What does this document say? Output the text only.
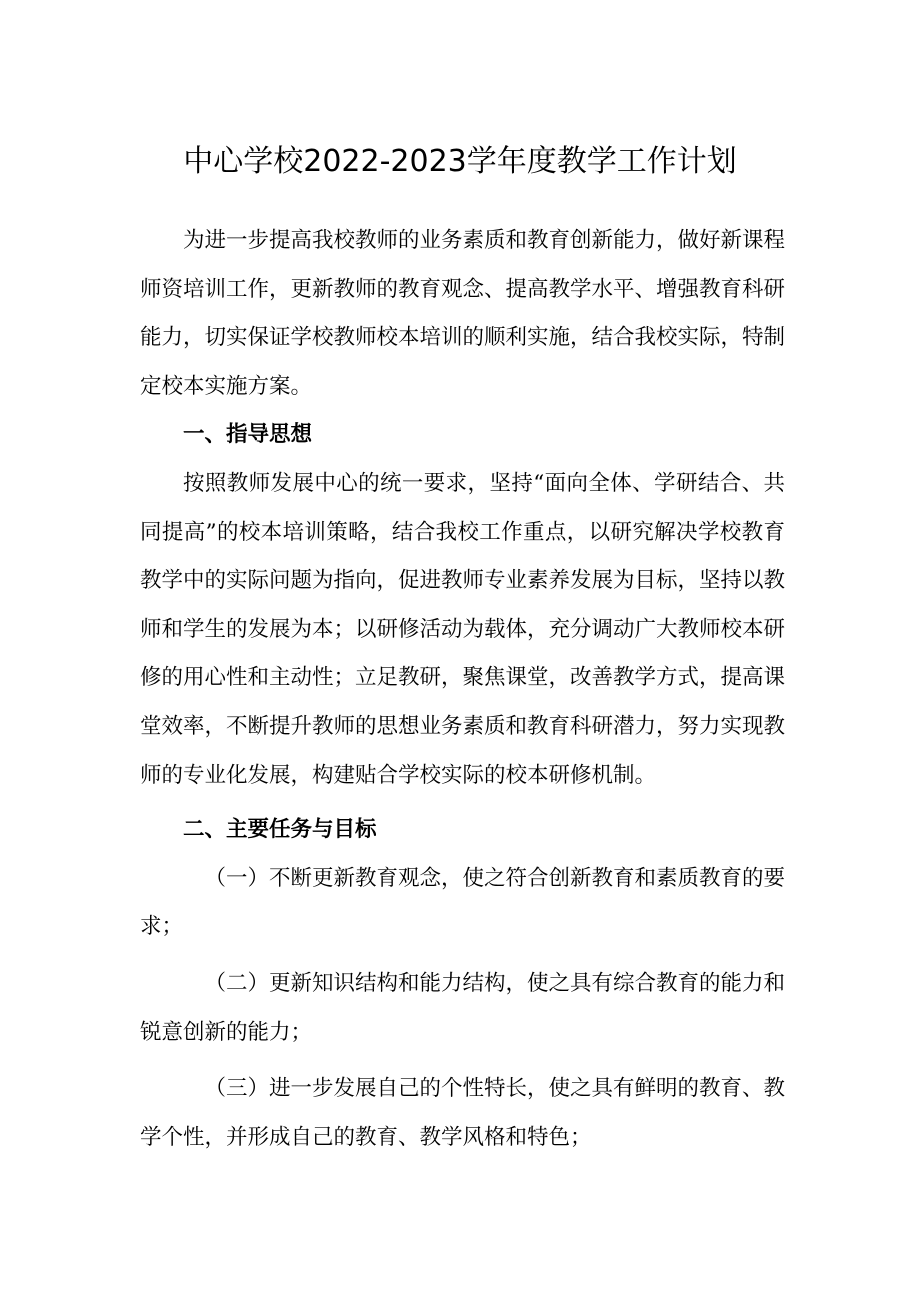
中心学校2022-2023学年度教学工作计划

为进一步提高我校教师的业务素质和教育创新能力，做好新课程师资培训工作，更新教师的教育观念、提高教学水平、增强教育科研能力，切实保证学校教师校本培训的顺利实施，结合我校实际，特制定校本实施方案。

一、指导思想

按照教师发展中心的统一要求，坚持“面向全体、学研结合、共同提高”的校本培训策略，结合我校工作重点，以研究解决学校教育教学中的实际问题为指向，促进教师专业素养发展为目标，坚持以教师和学生的发展为本；以研修活动为载体，充分调动广大教师校本研修的用心性和主动性；立足教研，聚焦课堂，改善教学方式，提高课堂效率，不断提升教师的思想业务素质和教育科研潜力，努力实现教师的专业化发展，构建贴合学校实际的校本研修机制。

二、主要任务与目标

（一）不断更新教育观念，使之符合创新教育和素质教育的要求；

（二）更新知识结构和能力结构，使之具有综合教育的能力和锐意创新的能力；

（三）进一步发展自己的个性特长，使之具有鲜明的教育、教学个性，并形成自己的教育、教学风格和特色；
